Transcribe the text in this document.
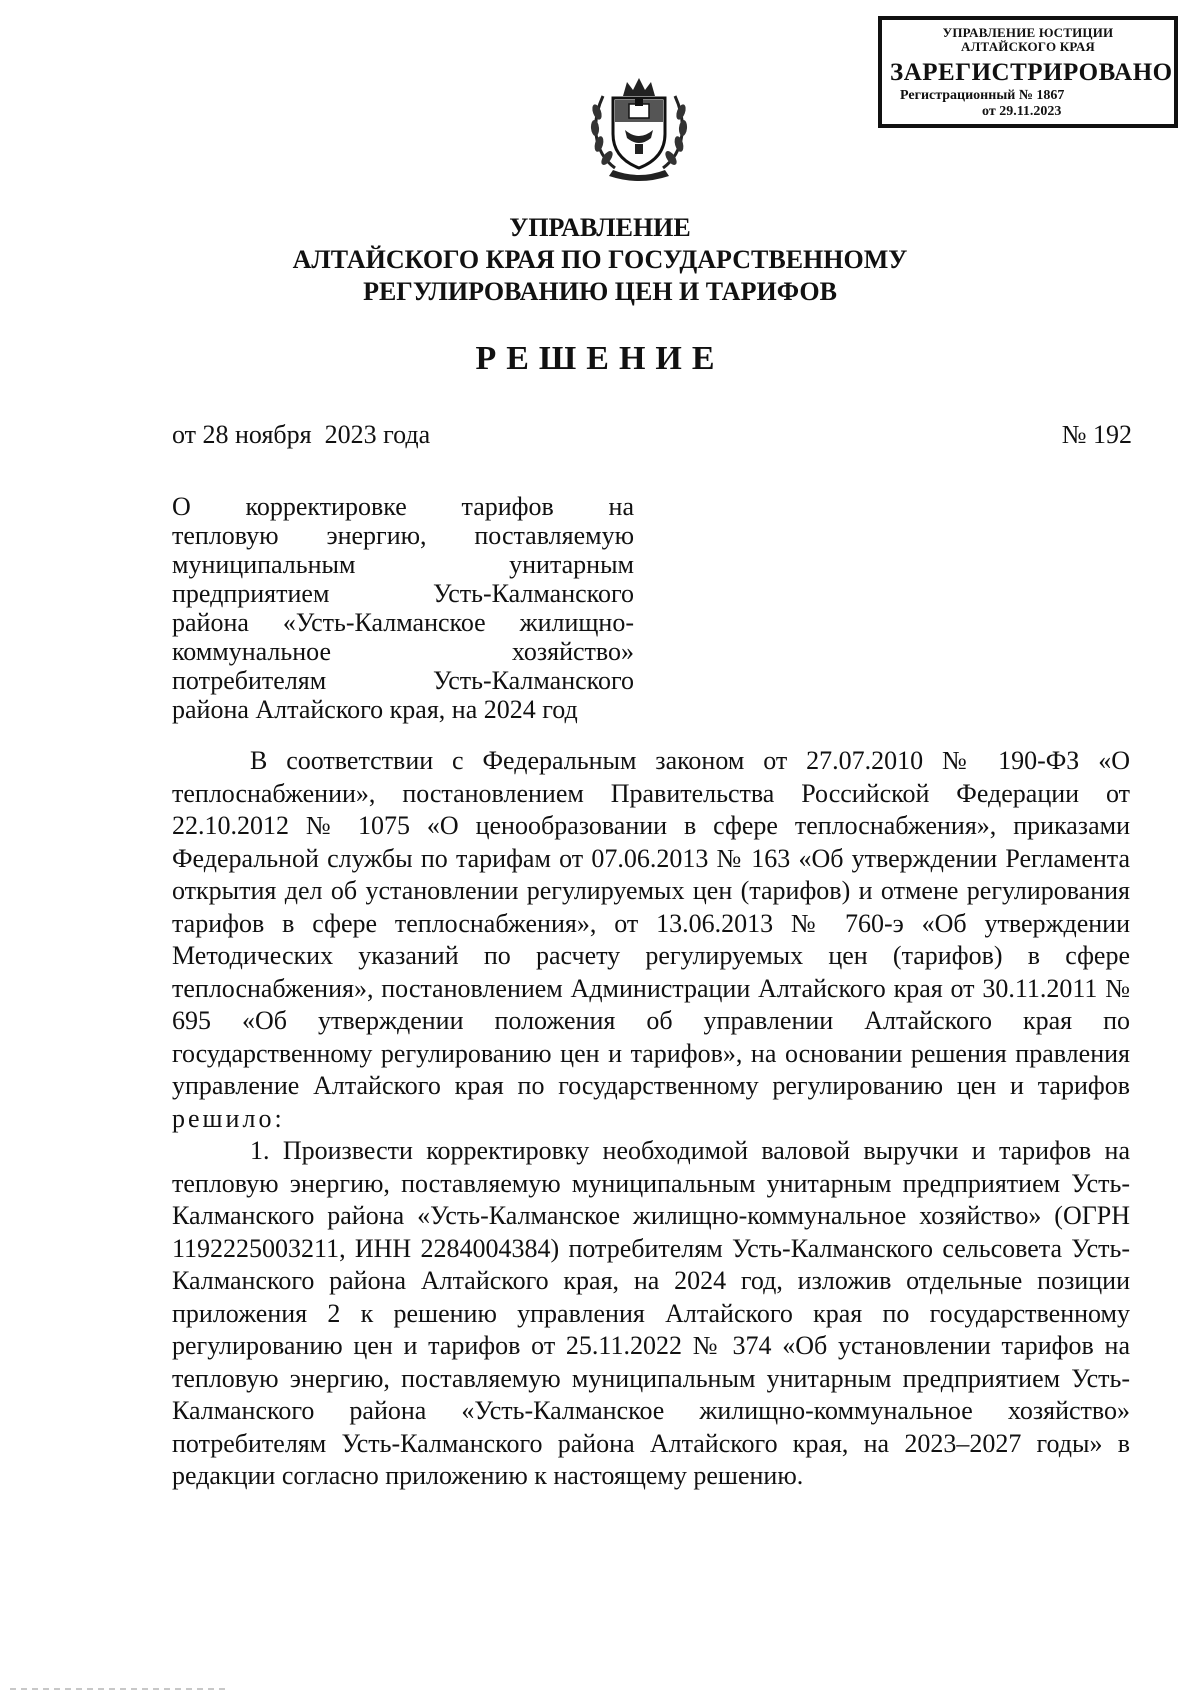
УПРАВЛЕНИЕ ЮСТИЦИИ
АЛТАЙСКОГО КРАЯ
ЗАРЕГИСТРИРОВАНО
Регистрационный № 1867
от 29.11.2023
УПРАВЛЕНИЕ
АЛТАЙСКОГО КРАЯ ПО ГОСУДАРСТВЕННОМУ
РЕГУЛИРОВАНИЮ ЦЕН И ТАРИФОВ
РЕШЕНИЕ
от 28 ноября  2023 года	№ 192
О корректировке тарифов на
тепловую энергию, поставляемую
муниципальным унитарным
предприятием Усть-Калманского
района «Усть-Калманское жилищно-
коммунальное хозяйство»
потребителям Усть-Калманского
района Алтайского края, на 2024 год

В соответствии с Федеральным законом от 27.07.2010 № 190-ФЗ «О теплоснабжении», постановлением Правительства Российской Федерации от 22.10.2012 № 1075 «О ценообразовании в сфере теплоснабжения», приказами Федеральной службы по тарифам от 07.06.2013 № 163 «Об утверждении Регламента открытия дел об установлении регулируемых цен (тарифов) и отмене регулирования тарифов в сфере теплоснабжения», от 13.06.2013 № 760-э «Об утверждении Методических указаний по расчету регулируемых цен (тарифов) в сфере теплоснабжения», постановлением Администрации Алтайского края от 30.11.2011 № 695 «Об утверждении положения об управлении Алтайского края по государственному регулированию цен и тарифов», на основании решения правления управление Алтайского края по государственному регулированию цен и тарифов решило:

1. Произвести корректировку необходимой валовой выручки и тарифов на тепловую энергию, поставляемую муниципальным унитарным предприятием Усть-Калманского района «Усть-Калманское жилищно-коммунальное хозяйство» (ОГРН 1192225003211, ИНН 2284004384) потребителям Усть-Калманского сельсовета Усть-Калманского района Алтайского края, на 2024 год, изложив отдельные позиции приложения 2 к решению управления Алтайского края по государственному регулированию цен и тарифов от 25.11.2022 № 374 «Об установлении тарифов на тепловую энергию, поставляемую муниципальным унитарным предприятием Усть-Калманского района «Усть-Калманское жилищно-коммунальное хозяйство» потребителям Усть-Калманского района Алтайского края, на 2023–2027 годы» в редакции согласно приложению к настоящему решению.
